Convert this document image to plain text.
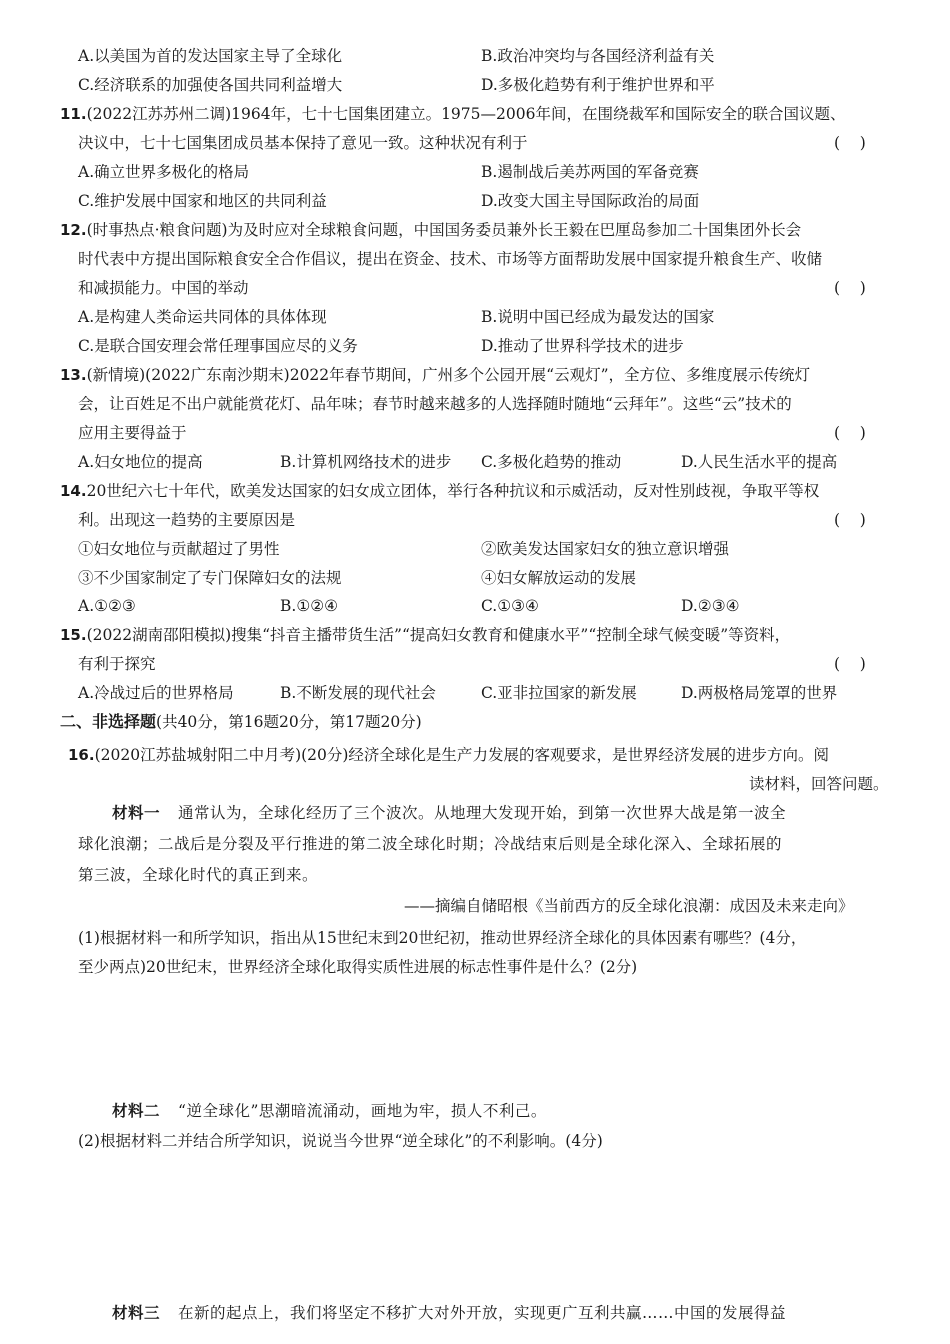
A.以美国为首的发达国家主导了全球化	B.政治冲突均与各国经济利益有关
C.经济联系的加强使各国共同利益增大	D.多极化趋势有利于维护世界和平
11.(2022江苏苏州二调)1964年，七十七国集团建立。1975—2006年间，在围绕裁军和国际安全的联合国议题、
决议中，七十七国集团成员基本保持了意见一致。这种状况有利于	(    )
A.确立世界多极化的格局	B.遏制战后美苏两国的军备竞赛
C.维护发展中国家和地区的共同利益	D.改变大国主导国际政治的局面
12.(时事热点·粮食问题)为及时应对全球粮食问题，中国国务委员兼外长王毅在巴厘岛参加二十国集团外长会
时代表中方提出国际粮食安全合作倡议，提出在资金、技术、市场等方面帮助发展中国家提升粮食生产、收储
和减损能力。中国的举动	(    )
A.是构建人类命运共同体的具体体现	B.说明中国已经成为最发达的国家
C.是联合国安理会常任理事国应尽的义务	D.推动了世界科学技术的进步
13.(新情境)(2022广东南沙期末)2022年春节期间，广州多个公园开展“云观灯”，全方位、多维度展示传统灯
会，让百姓足不出户就能赏花灯、品年味；春节时越来越多的人选择随时随地“云拜年”。这些“云”技术的
应用主要得益于	(    )
A.妇女地位的提高	B.计算机网络技术的进步 C.多极化趋势的推动	D.人民生活水平的提高
14.20世纪六七十年代，欧美发达国家的妇女成立团体，举行各种抗议和示威活动，反对性别歧视，争取平等权
利。出现这一趋势的主要原因是	(    )
①妇女地位与贡献超过了男性	②欧美发达国家妇女的独立意识增强
③不少国家制定了专门保障妇女的法规	④妇女解放运动的发展
A.①②③	B.①②④	C.①③④	D.②③④
15.(2022湖南邵阳模拟)搜集“抖音主播带货生活”“提高妇女教育和健康水平”“控制全球气候变暖”等资料，
有利于探究	(    )
A.冷战过后的世界格局	B.不断发展的现代社会	C.亚非拉国家的新发展	D.两极格局笼罩的世界
二、非选择题(共40分，第16题20分，第17题20分)
16.(2020江苏盐城射阳二中月考)(20分)经济全球化是生产力发展的客观要求，是世界经济发展的进步方向。阅
读材料，回答问题。
材料一 通常认为，全球化经历了三个波次。从地理大发现开始，到第一次世界大战是第一波全
球化浪潮；二战后是分裂及平行推进的第二波全球化时期；冷战结束后则是全球化深入、全球拓展的
第三波，全球化时代的真正到来。
——摘编自储昭根《当前西方的反全球化浪潮：成因及未来走向》
(1)根据材料一和所学知识，指出从15世纪末到20世纪初，推动世界经济全球化的具体因素有哪些？(4分，
至少两点)20世纪末，世界经济全球化取得实质性进展的标志性事件是什么？(2分)
材料二 “逆全球化”思潮暗流涌动，画地为牢，损人不利己。
(2)根据材料二并结合所学知识，说说当今世界“逆全球化”的不利影响。(4分)
材料三 在新的起点上，我们将坚定不移扩大对外开放，实现更广互利共赢……中国的发展得益
